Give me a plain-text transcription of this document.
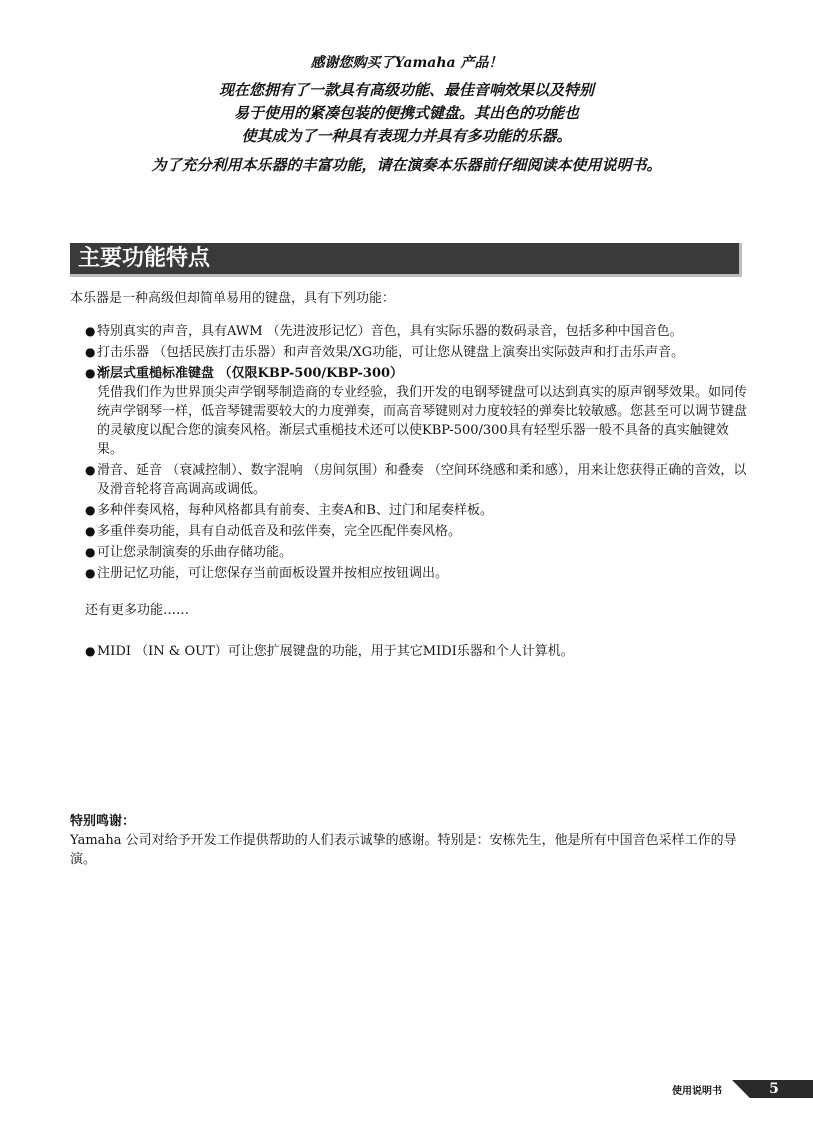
感谢您购买了Yamaha 产品！

现在您拥有了一款具有高级功能、最佳音响效果以及特别

易于使用的紧凑包装的便携式键盘。其出色的功能也

使其成为了一种具有表现力并具有多功能的乐器。

为了充分利用本乐器的丰富功能，请在演奏本乐器前仔细阅读本使用说明书。

主要功能特点

本乐器是一种高级但却简单易用的键盘，具有下列功能：

● 特别真实的声音，具有AWM （先进波形记忆）音色，具有实际乐器的数码录音，包括多种中国音色。
● 打击乐器 （包括民族打击乐器）和声音效果/XG功能，可让您从键盘上演奏出实际鼓声和打击乐声音。
● 渐层式重槌标准键盘 （仅限KBP-500/KBP-300）
凭借我们作为世界顶尖声学钢琴制造商的专业经验，我们开发的电钢琴键盘可以达到真实的原声钢琴效果。如同传统声学钢琴一样，低音琴键需要较大的力度弹奏，而高音琴键则对力度较轻的弹奏比较敏感。您甚至可以调节键盘的灵敏度以配合您的演奏风格。渐层式重槌技术还可以使KBP-500/300具有轻型乐器一般不具备的真实触键效果。
● 滑音、延音 （衰减控制）、数字混响 （房间氛围）和叠奏 （空间环绕感和柔和感），用来让您获得正确的音效，以及滑音轮将音高调高或调低。
● 多种伴奏风格，每种风格都具有前奏、主奏A和B、过门和尾奏样板。
● 多重伴奏功能，具有自动低音及和弦伴奏，完全匹配伴奏风格。
● 可让您录制演奏的乐曲存储功能。
● 注册记忆功能，可让您保存当前面板设置并按相应按钮调出。

还有更多功能……

● MIDI （IN & OUT）可让您扩展键盘的功能，用于其它MIDI乐器和个人计算机。

特别鸣谢：

Yamaha 公司对给予开发工作提供帮助的人们表示诚挚的感谢。特别是：安栋先生，他是所有中国音色采样工作的导演。

使用说明书	5
